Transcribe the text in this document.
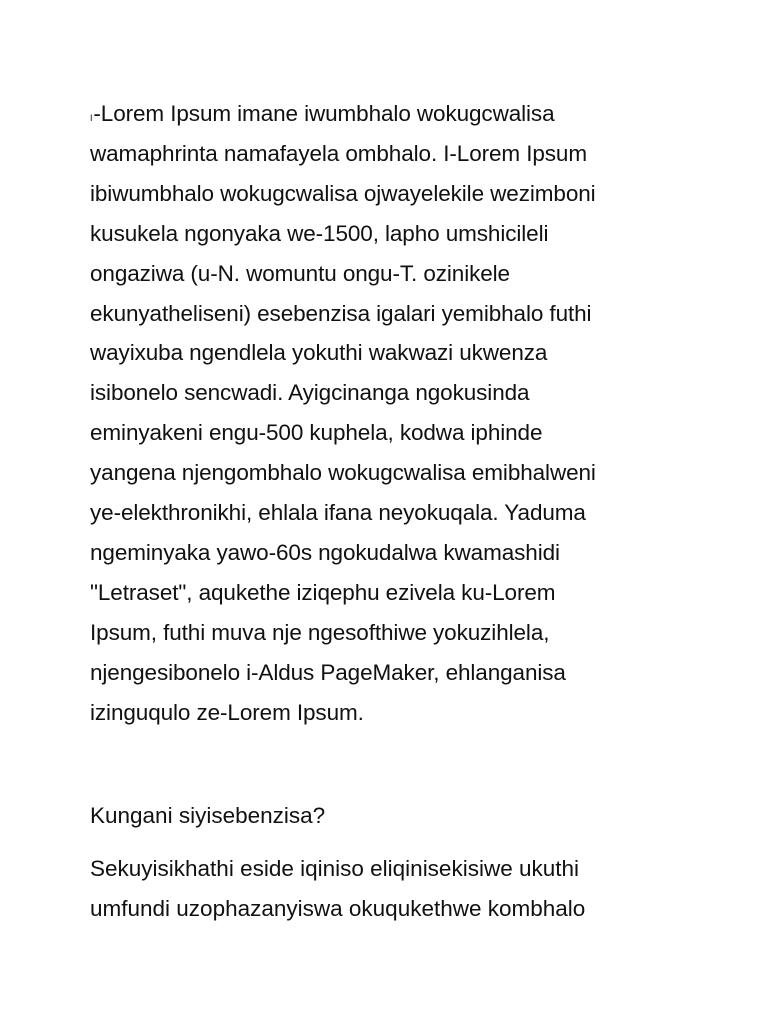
I-Lorem Ipsum imane iwumbhalo wokugcwalisa
wamaphrinta namafayela ombhalo. I-Lorem Ipsum
ibiwumbhalo wokugcwalisa ojwayelekile wezimboni
kusukela ngonyaka we-1500, lapho umshicileli
ongaziwa (u-N. womuntu ongu-T. ozinikele
ekunyatheliseni) esebenzisa igalari yemibhalo futhi
wayixuba ngendlela yokuthi wakwazi ukwenza
isibonelo sencwadi. Ayigcinanga ngokusinda
eminyakeni engu-500 kuphela, kodwa iphinde
yangena njengombhalo wokugcwalisa emibhalweni
ye-elekthronikhi, ehlala ifana neyokuqala. Yaduma
ngeminyaka yawo-60s ngokudalwa kwamashidi
"Letraset", aqukethe iziqephu ezivela ku-Lorem
Ipsum, futhi muva nje ngesofthiwe yokuzihlela,
njengesibonelo i-Aldus PageMaker, ehlanganisa
izinguqulo ze-Lorem Ipsum.
Kungani siyisebenzisa?
Sekuyisikhathi eside iqiniso eliqinisekisiwe ukuthi
umfundi uzophazanyiswa okuqukethwe kombhalo
